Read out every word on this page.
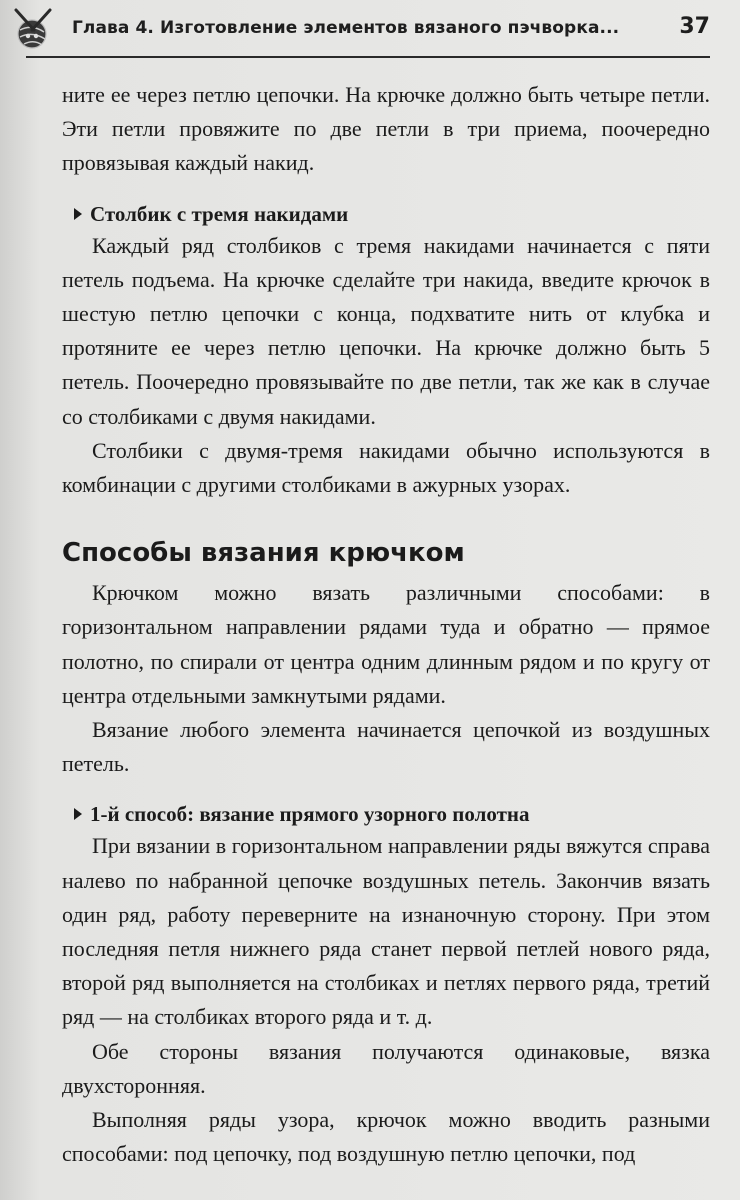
Глава 4. Изготовление элементов вязаного пэчворка...	37

ните ее через петлю цепочки. На крючке должно быть четыре петли. Эти петли провяжите по две петли в три приема, поочередно провязывая каждый накид.

Столбик с тремя накидами

Каждый ряд столбиков с тремя накидами начинается с пяти петель подъема. На крючке сделайте три накида, введите крючок в шестую петлю цепочки с конца, подхватите нить от клубка и протяните ее через петлю цепочки. На крючке должно быть 5 петель. Поочередно провязывайте по две петли, так же как в случае со столбиками с двумя накидами.

Столбики с двумя-тремя накидами обычно используются в комбинации с другими столбиками в ажурных узорах.

Способы вязания крючком

Крючком можно вязать различными способами: в горизонтальном направлении рядами туда и обратно — прямое полотно, по спирали от центра одним длинным рядом и по кругу от центра отдельными замкнутыми рядами.

Вязание любого элемента начинается цепочкой из воздушных петель.

1-й способ: вязание прямого узорного полотна

При вязании в горизонтальном направлении ряды вяжутся справа налево по набранной цепочке воздушных петель. Закончив вязать один ряд, работу переверните на изнаночную сторону. При этом последняя петля нижнего ряда станет первой петлей нового ряда, второй ряд выполняется на столбиках и петлях первого ряда, третий ряд — на столбиках второго ряда и т. д.

Обе стороны вязания получаются одинаковые, вязка двухсторонняя.

Выполняя ряды узора, крючок можно вводить разными способами: под цепочку, под воздушную петлю цепочки, под
